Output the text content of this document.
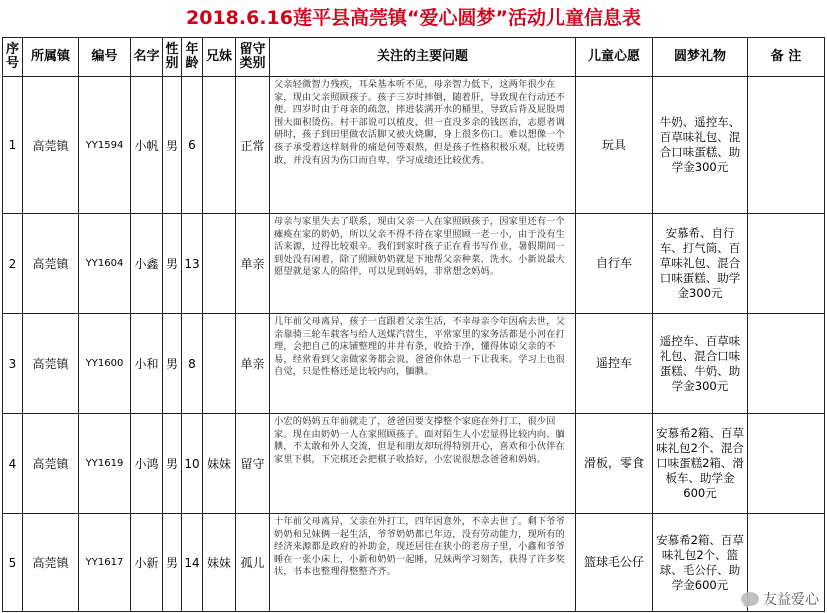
2018.6.16莲平县高莞镇“爱心圆梦”活动儿童信息表
序号	所属镇	编号	名字	性别	年龄	兄妹	留守类别	关注的主要问题	儿童心愿	圆梦礼物	备 注
1	高莞镇	YY1594	小帆	男	6		正常	父亲轻微智力残疾，耳朵基本听不见，母亲智力低下，这两年很少在家，现由父亲照顾孩子。孩子三岁时摔倒，随着肝，导致现在行动还不便。四岁时由于母亲的疏忽，摔进装满开水的桶里，导致后背及屁股周围大面积烫伤。村干部说可以植皮，但一直没多余的钱医治，志愿者调研时，孩子到田里做农活脚又被火烧聊，身上很多伤口。难以想像一个孩子承受着这样刻骨的痛是何等艰熬，但是孩子性格积极乐观，比较勇敢，并没有因为伤口而自卑，学习成绩还比较优秀。	玩具	牛奶、遥控车、百草味礼包、混合口味蛋糕、助学金300元	
2	高莞镇	YY1604	小鑫	男	13		单亲	母亲与家里失去了联系，现由父亲一人在家照顾孩子，因家里还有一个瘫痪在家的奶奶，所以父亲不得不待在家里照顾一老一小，由于没有生活来源，过得比较艰辛。我们到家时孩子正在看书写作业，暑假期间一到处没有闲着，除了照顾奶奶就是下地帮父亲种菜、洗水。小新说最大愿望就是家人的陪伴，可以见到妈妈，非常想念妈妈。	自行车	安慕希、自行车、打气筒、百草味礼包、混合口味蛋糕、助学金300元	
3	高莞镇	YY1600	小和	男	8		单亲	几年前父母离异，孩子一直跟着父亲生活，不幸母亲今年因病去世，父亲靠骑三轮车载客与给人送煤汽营生，平常家里的家务活都是小河在打理，会把自己的床铺整理的井井有条，收拾干净，懂得体谅父亲的不易，经常看到父亲做家务都会说，爸爸你休息一下让我来。学习上也很自觉，只是性格还是比较内向，腼腆。	遥控车	遥控车、百草味礼包、混合口味蛋糕、牛奶、助学金300元	
4	高莞镇	YY1619	小鸿	男	10	妹妹	留守	小宏的妈妈五年前就走了，爸爸因要支撑整个家庭在外打工，很少回家。现在由奶奶一人在家照顾孩子。面对陌生人小宏显得比较内向、腼腆，不太敢和外人交流，但是和朋友却玩得特别开心，喜欢和小伙伴在家里下棋，下完棋还会把棋子收拾好，小宏说很想念爸爸和妈妈。	滑板，零食	安慕希2箱、百草味礼包2个、混合口味蛋糕2箱、滑板车、助学金600元	
5	高莞镇	YY1617	小新	男	14	妹妹	孤儿	十年前父母离异，父亲在外打工，四年因意外，不幸去世了。剩下爷爷奶奶和兄妹俩一起生活，爷爷奶奶都已年迈，没有劳动能力，现所有的经济来源都是政府的补助金，现还居住在狭小的老房子里，小鑫和爷爷睡在一张小床上，小新和奶奶一起睡，兄妹两学习刻苦，获得了许多奖状，书本也整理得整整齐齐。	篮球毛公仔	安慕希2箱、百草味礼包2个、篮球、毛公仔、助学金600元	
友益爱心
